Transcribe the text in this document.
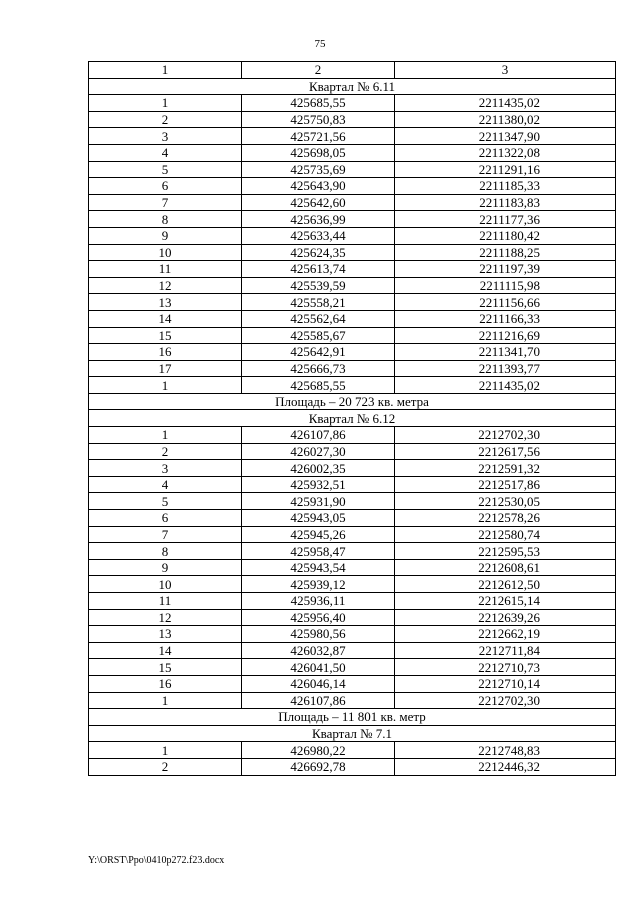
75
1	2	3
Квартал № 6.11		
1	425685,55	2211435,02
2	425750,83	2211380,02
3	425721,56	2211347,90
4	425698,05	2211322,08
5	425735,69	2211291,16
6	425643,90	2211185,33
7	425642,60	2211183,83
8	425636,99	2211177,36
9	425633,44	2211180,42
10	425624,35	2211188,25
11	425613,74	2211197,39
12	425539,59	2211115,98
13	425558,21	2211156,66
14	425562,64	2211166,33
15	425585,67	2211216,69
16	425642,91	2211341,70
17	425666,73	2211393,77
1	425685,55	2211435,02
Площадь – 20 723 кв. метра		
Квартал № 6.12		
1	426107,86	2212702,30
2	426027,30	2212617,56
3	426002,35	2212591,32
4	425932,51	2212517,86
5	425931,90	2212530,05
6	425943,05	2212578,26
7	425945,26	2212580,74
8	425958,47	2212595,53
9	425943,54	2212608,61
10	425939,12	2212612,50
11	425936,11	2212615,14
12	425956,40	2212639,26
13	425980,56	2212662,19
14	426032,87	2212711,84
15	426041,50	2212710,73
16	426046,14	2212710,14
1	426107,86	2212702,30
Площадь – 11 801 кв. метр		
Квартал № 7.1		
1	426980,22	2212748,83
2	426692,78	2212446,32
Y:\ORST\Ppo\0410p272.f23.docx
